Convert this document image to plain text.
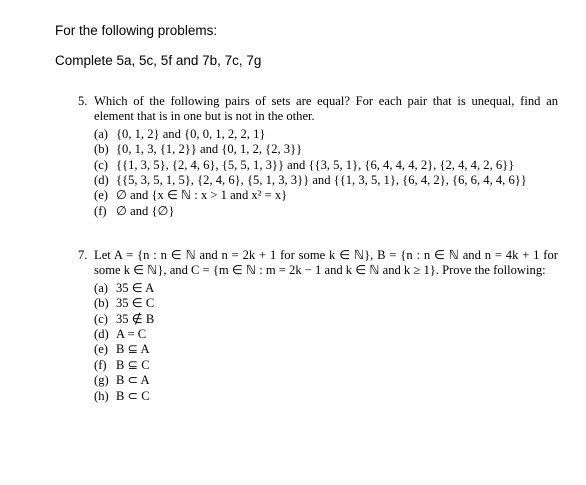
For the following problems:
Complete 5a, 5c, 5f and 7b, 7c, 7g
5. Which of the following pairs of sets are equal? For each pair that is unequal, find an element that is in one but is not in the other.
(a) {0, 1, 2} and {0, 0, 1, 2, 2, 1}
(b) {0, 1, 3, {1, 2}} and {0, 1, 2, {2, 3}}
(c) {{1, 3, 5}, {2, 4, 6}, {5, 5, 1, 3}} and {{3, 5, 1}, {6, 4, 4, 4, 2}, {2, 4, 4, 2, 6}}
(d) {{5, 3, 5, 1, 5}, {2, 4, 6}, {5, 1, 3, 3}} and {{1, 3, 5, 1}, {6, 4, 2}, {6, 6, 4, 4, 6}}
(e) ∅ and {x ∈ ℕ : x > 1 and x² = x}
(f) ∅ and {∅}
7. Let A = {n : n ∈ ℕ and n = 2k + 1 for some k ∈ ℕ}, B = {n : n ∈ ℕ and n = 4k + 1 for some k ∈ ℕ}, and C = {m ∈ ℕ : m = 2k − 1 and k ∈ ℕ and k ≥ 1}. Prove the following:
(a) 35 ∈ A
(b) 35 ∈ C
(c) 35 ∉ B
(d) A = C
(e) B ⊆ A
(f) B ⊆ C
(g) B ⊂ A
(h) B ⊂ C
